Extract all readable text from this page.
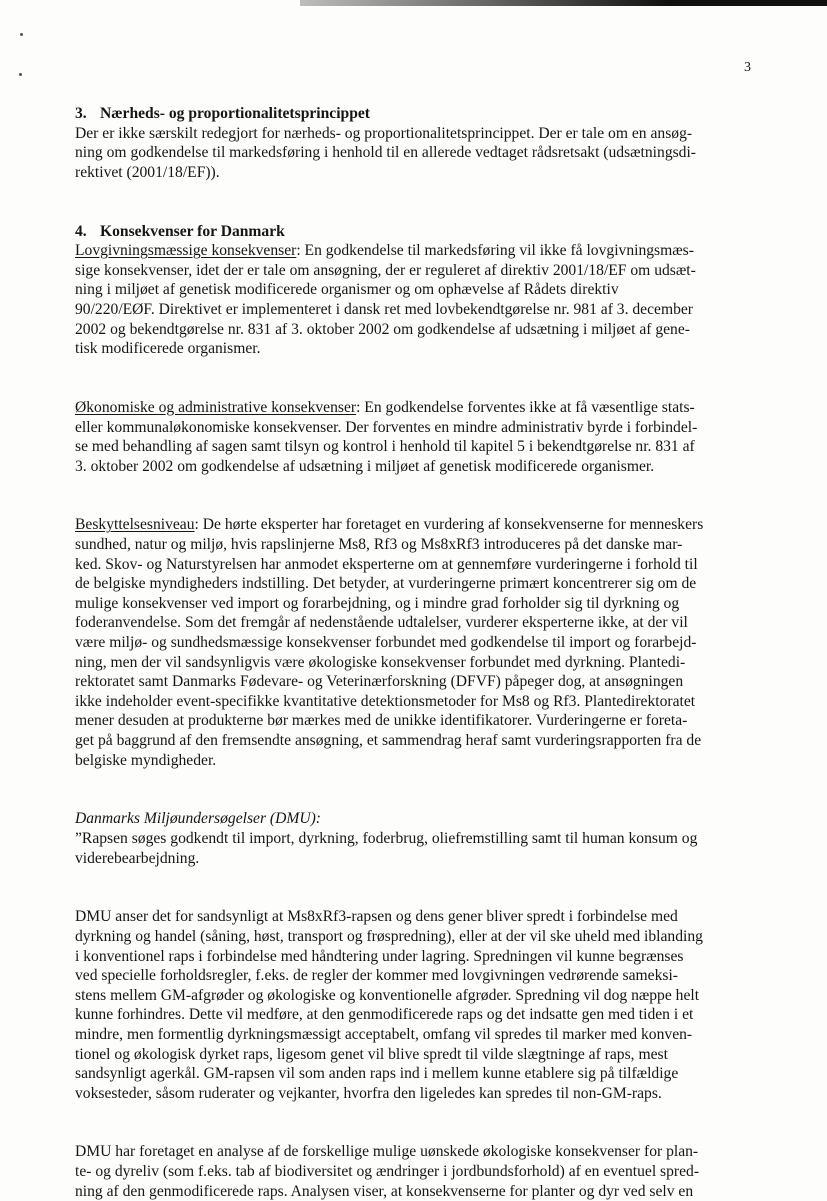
3

3. Nærheds- og proportionalitetsprincippet

Der er ikke særskilt redegjort for nærheds- og proportionalitetsprincippet. Der er tale om en ansøg-

ning om godkendelse til markedsføring i henhold til en allerede vedtaget rådsretsakt (udsætningsdi-

rektivet (2001/18/EF)).

4. Konsekvenser for Danmark

Lovgivningsmæssige konsekvenser: En godkendelse til markedsføring vil ikke få lovgivningsmæs-

sige konsekvenser, idet der er tale om ansøgning, der er reguleret af direktiv 2001/18/EF om udsæt-

ning i miljøet af genetisk modificerede organismer og om ophævelse af Rådets direktiv

90/220/EØF. Direktivet er implementeret i dansk ret med lovbekendtgørelse nr. 981 af 3. december

2002 og bekendtgørelse nr. 831 af 3. oktober 2002 om godkendelse af udsætning i miljøet af gene-

tisk modificerede organismer.

Økonomiske og administrative konsekvenser: En godkendelse forventes ikke at få væsentlige stats-

eller kommunaløkonomiske konsekvenser. Der forventes en mindre administrativ byrde i forbindel-

se med behandling af sagen samt tilsyn og kontrol i henhold til kapitel 5 i bekendtgørelse nr. 831 af

3. oktober 2002 om godkendelse af udsætning i miljøet af genetisk modificerede organismer.

Beskyttelsesniveau: De hørte eksperter har foretaget en vurdering af konsekvenserne for menneskers

sundhed, natur og miljø, hvis rapslinjerne Ms8, Rf3 og Ms8xRf3 introduceres på det danske mar-

ked. Skov- og Naturstyrelsen har anmodet eksperterne om at gennemføre vurderingerne i forhold til

de belgiske myndigheders indstilling. Det betyder, at vurderingerne primært koncentrerer sig om de

mulige konsekvenser ved import og forarbejdning, og i mindre grad forholder sig til dyrkning og

foderanvendelse. Som det fremgår af nedenstående udtalelser, vurderer eksperterne ikke, at der vil

være miljø- og sundhedsmæssige konsekvenser forbundet med godkendelse til import og forarbejd-

ning, men der vil sandsynligvis være økologiske konsekvenser forbundet med dyrkning. Plantedi-

rektoratet samt Danmarks Fødevare- og Veterinærforskning (DFVF) påpeger dog, at ansøgningen

ikke indeholder event-specifikke kvantitative detektionsmetoder for Ms8 og Rf3. Plantedirektoratet

mener desuden at produkterne bør mærkes med de unikke identifikatorer. Vurderingerne er foreta-

get på baggrund af den fremsendte ansøgning, et sammendrag heraf samt vurderingsrapporten fra de

belgiske myndigheder.

Danmarks Miljøundersøgelser (DMU):

”Rapsen søges godkendt til import, dyrkning, foderbrug, oliefremstilling samt til human konsum og

viderebearbejdning.

DMU anser det for sandsynligt at Ms8xRf3-rapsen og dens gener bliver spredt i forbindelse med

dyrkning og handel (såning, høst, transport og frøspredning), eller at der vil ske uheld med iblanding

i konventionel raps i forbindelse med håndtering under lagring. Spredningen vil kunne begrænses

ved specielle forholdsregler, f.eks. de regler der kommer med lovgivningen vedrørende sameksi-

stens mellem GM-afgrøder og økologiske og konventionelle afgrøder. Spredning vil dog næppe helt

kunne forhindres. Dette vil medføre, at den genmodificerede raps og det indsatte gen med tiden i et

mindre, men formentlig dyrkningsmæssigt acceptabelt, omfang vil spredes til marker med konven-

tionel og økologisk dyrket raps, ligesom genet vil blive spredt til vilde slægtninge af raps, mest

sandsynligt agerkål. GM-rapsen vil som anden raps ind i mellem kunne etablere sig på tilfældige

voksesteder, såsom ruderater og vejkanter, hvorfra den ligeledes kan spredes til non-GM-raps.

DMU har foretaget en analyse af de forskellige mulige uønskede økologiske konsekvenser for plan-

te- og dyreliv (som f.eks. tab af biodiversitet og ændringer i jordbundsforhold) af en eventuel spred-

ning af den genmodificerede raps. Analysen viser, at konsekvenserne for planter og dyr ved selv en
